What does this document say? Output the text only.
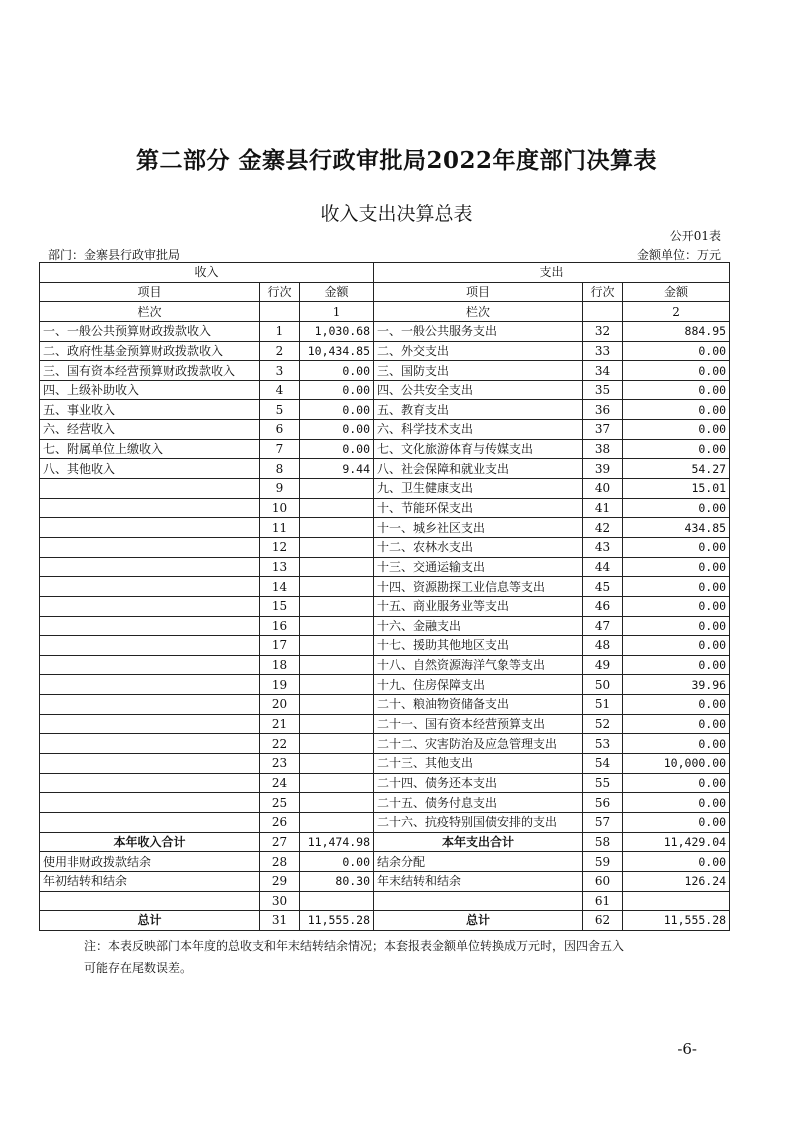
第二部分 金寨县行政审批局2022年度部门决算表
收入支出决算总表
公开01表
部门：金寨县行政审批局	金额单位：万元
收入			支出		
项目	行次	金额	项目	行次	金额
栏次		1	栏次		2
一、一般公共预算财政拨款收入	1	1,030.68	一、一般公共服务支出	32	884.95
二、政府性基金预算财政拨款收入	2	10,434.85	二、外交支出	33	0.00
三、国有资本经营预算财政拨款收入	3	0.00	三、国防支出	34	0.00
四、上级补助收入	4	0.00	四、公共安全支出	35	0.00
五、事业收入	5	0.00	五、教育支出	36	0.00
六、经营收入	6	0.00	六、科学技术支出	37	0.00
七、附属单位上缴收入	7	0.00	七、文化旅游体育与传媒支出	38	0.00
八、其他收入	8	9.44	八、社会保障和就业支出	39	54.27
	9		九、卫生健康支出	40	15.01
	10		十、节能环保支出	41	0.00
	11		十一、城乡社区支出	42	434.85
	12		十二、农林水支出	43	0.00
	13		十三、交通运输支出	44	0.00
	14		十四、资源勘探工业信息等支出	45	0.00
	15		十五、商业服务业等支出	46	0.00
	16		十六、金融支出	47	0.00
	17		十七、援助其他地区支出	48	0.00
	18		十八、自然资源海洋气象等支出	49	0.00
	19		十九、住房保障支出	50	39.96
	20		二十、粮油物资储备支出	51	0.00
	21		二十一、国有资本经营预算支出	52	0.00
	22		二十二、灾害防治及应急管理支出	53	0.00
	23		二十三、其他支出	54	10,000.00
	24		二十四、债务还本支出	55	0.00
	25		二十五、债务付息支出	56	0.00
	26		二十六、抗疫特别国债安排的支出	57	0.00
本年收入合计	27	11,474.98	本年支出合计	58	11,429.04
使用非财政拨款结余	28	0.00	结余分配	59	0.00
年初结转和结余	29	80.30	年末结转和结余	60	126.24
	30			61	
总计	31	11,555.28	总计	62	11,555.28
注：本表反映部门本年度的总收支和年末结转结余情况；本套报表金额单位转换成万元时，因四舍五入
可能存在尾数误差。
-6-
